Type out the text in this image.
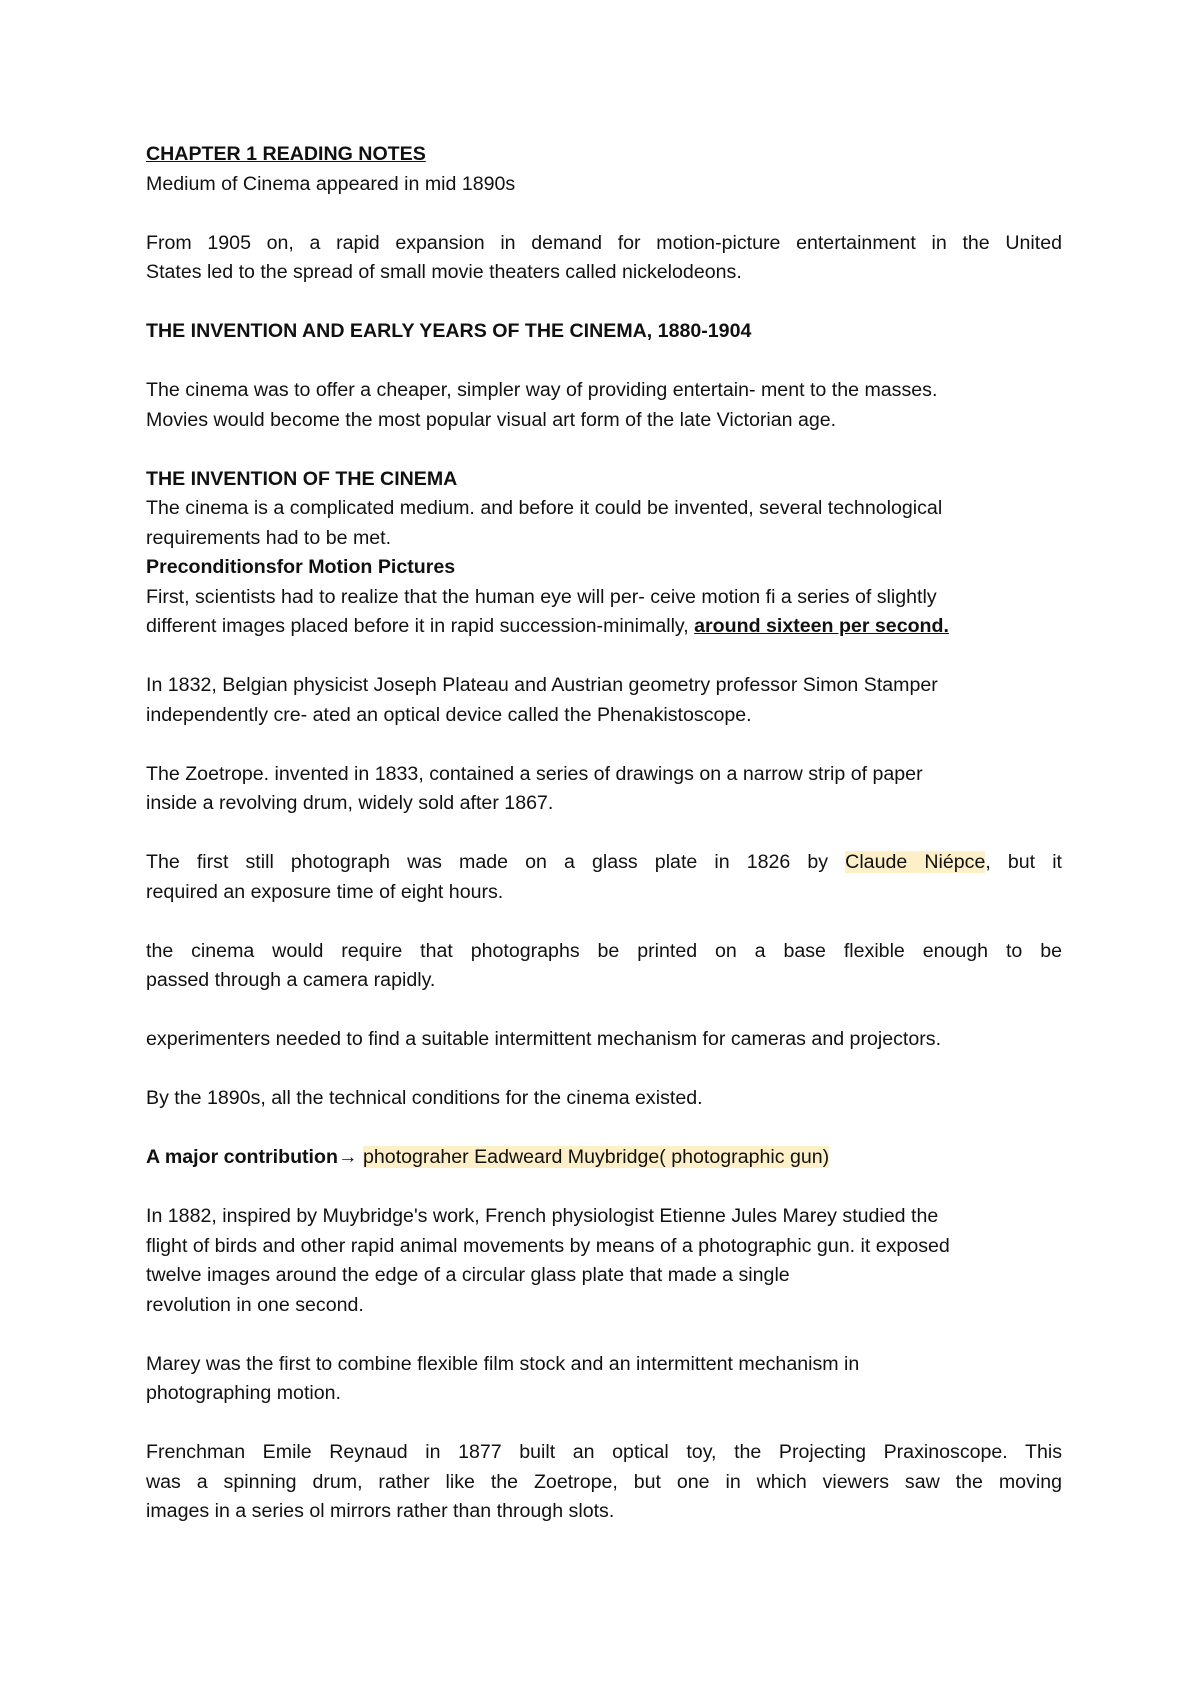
CHAPTER 1 READING NOTES
Medium of Cinema appeared in mid 1890s
From 1905 on, a rapid expansion in demand for motion-picture entertainment in the United
States led to the spread of small movie theaters called nickelodeons.
THE INVENTION AND EARLY YEARS OF THE CINEMA, 1880-1904
The cinema was to offer a cheaper, simpler way of providing entertain- ment to the masses.
Movies would become the most popular visual art form of the late Victorian age.
THE INVENTION OF THE CINEMA
The cinema is a complicated medium. and before it could be invented, several technological
requirements had to be met.
Preconditionsfor Motion Pictures
First, scientists had to realize that the human eye will per- ceive motion fi a series of slightly
different images placed before it in rapid succession-minimally, around sixteen per second.
In 1832, Belgian physicist Joseph Plateau and Austrian geometry professor Simon Stamper
independently cre- ated an optical device called the Phenakistoscope.
The Zoetrope. invented in 1833, contained a series of drawings on a narrow strip of paper
inside a revolving drum, widely sold after 1867.
The first still photograph was made on a glass plate in 1826 by Claude Niépce, but it
required an exposure time of eight hours.
the cinema would require that photographs be printed on a base flexible enough to be
passed through a camera rapidly.
experimenters needed to find a suitable intermittent mechanism for cameras and projectors.
By the 1890s, all the technical conditions for the cinema existed.
A major contribution→ photograher Eadweard Muybridge( photographic gun)
In 1882, inspired by Muybridge's work, French physiologist Etienne Jules Marey studied the
flight of birds and other rapid animal movements by means of a photographic gun. it exposed
twelve images around the edge of a circular glass plate that made a single
revolution in one second.
Marey was the first to combine flexible film stock and an intermittent mechanism in
photographing motion.
Frenchman Emile Reynaud in 1877 built an optical toy, the Projecting Praxinoscope. This
was a spinning drum, rather like the Zoetrope, but one in which viewers saw the moving
images in a series ol mirrors rather than through slots.
